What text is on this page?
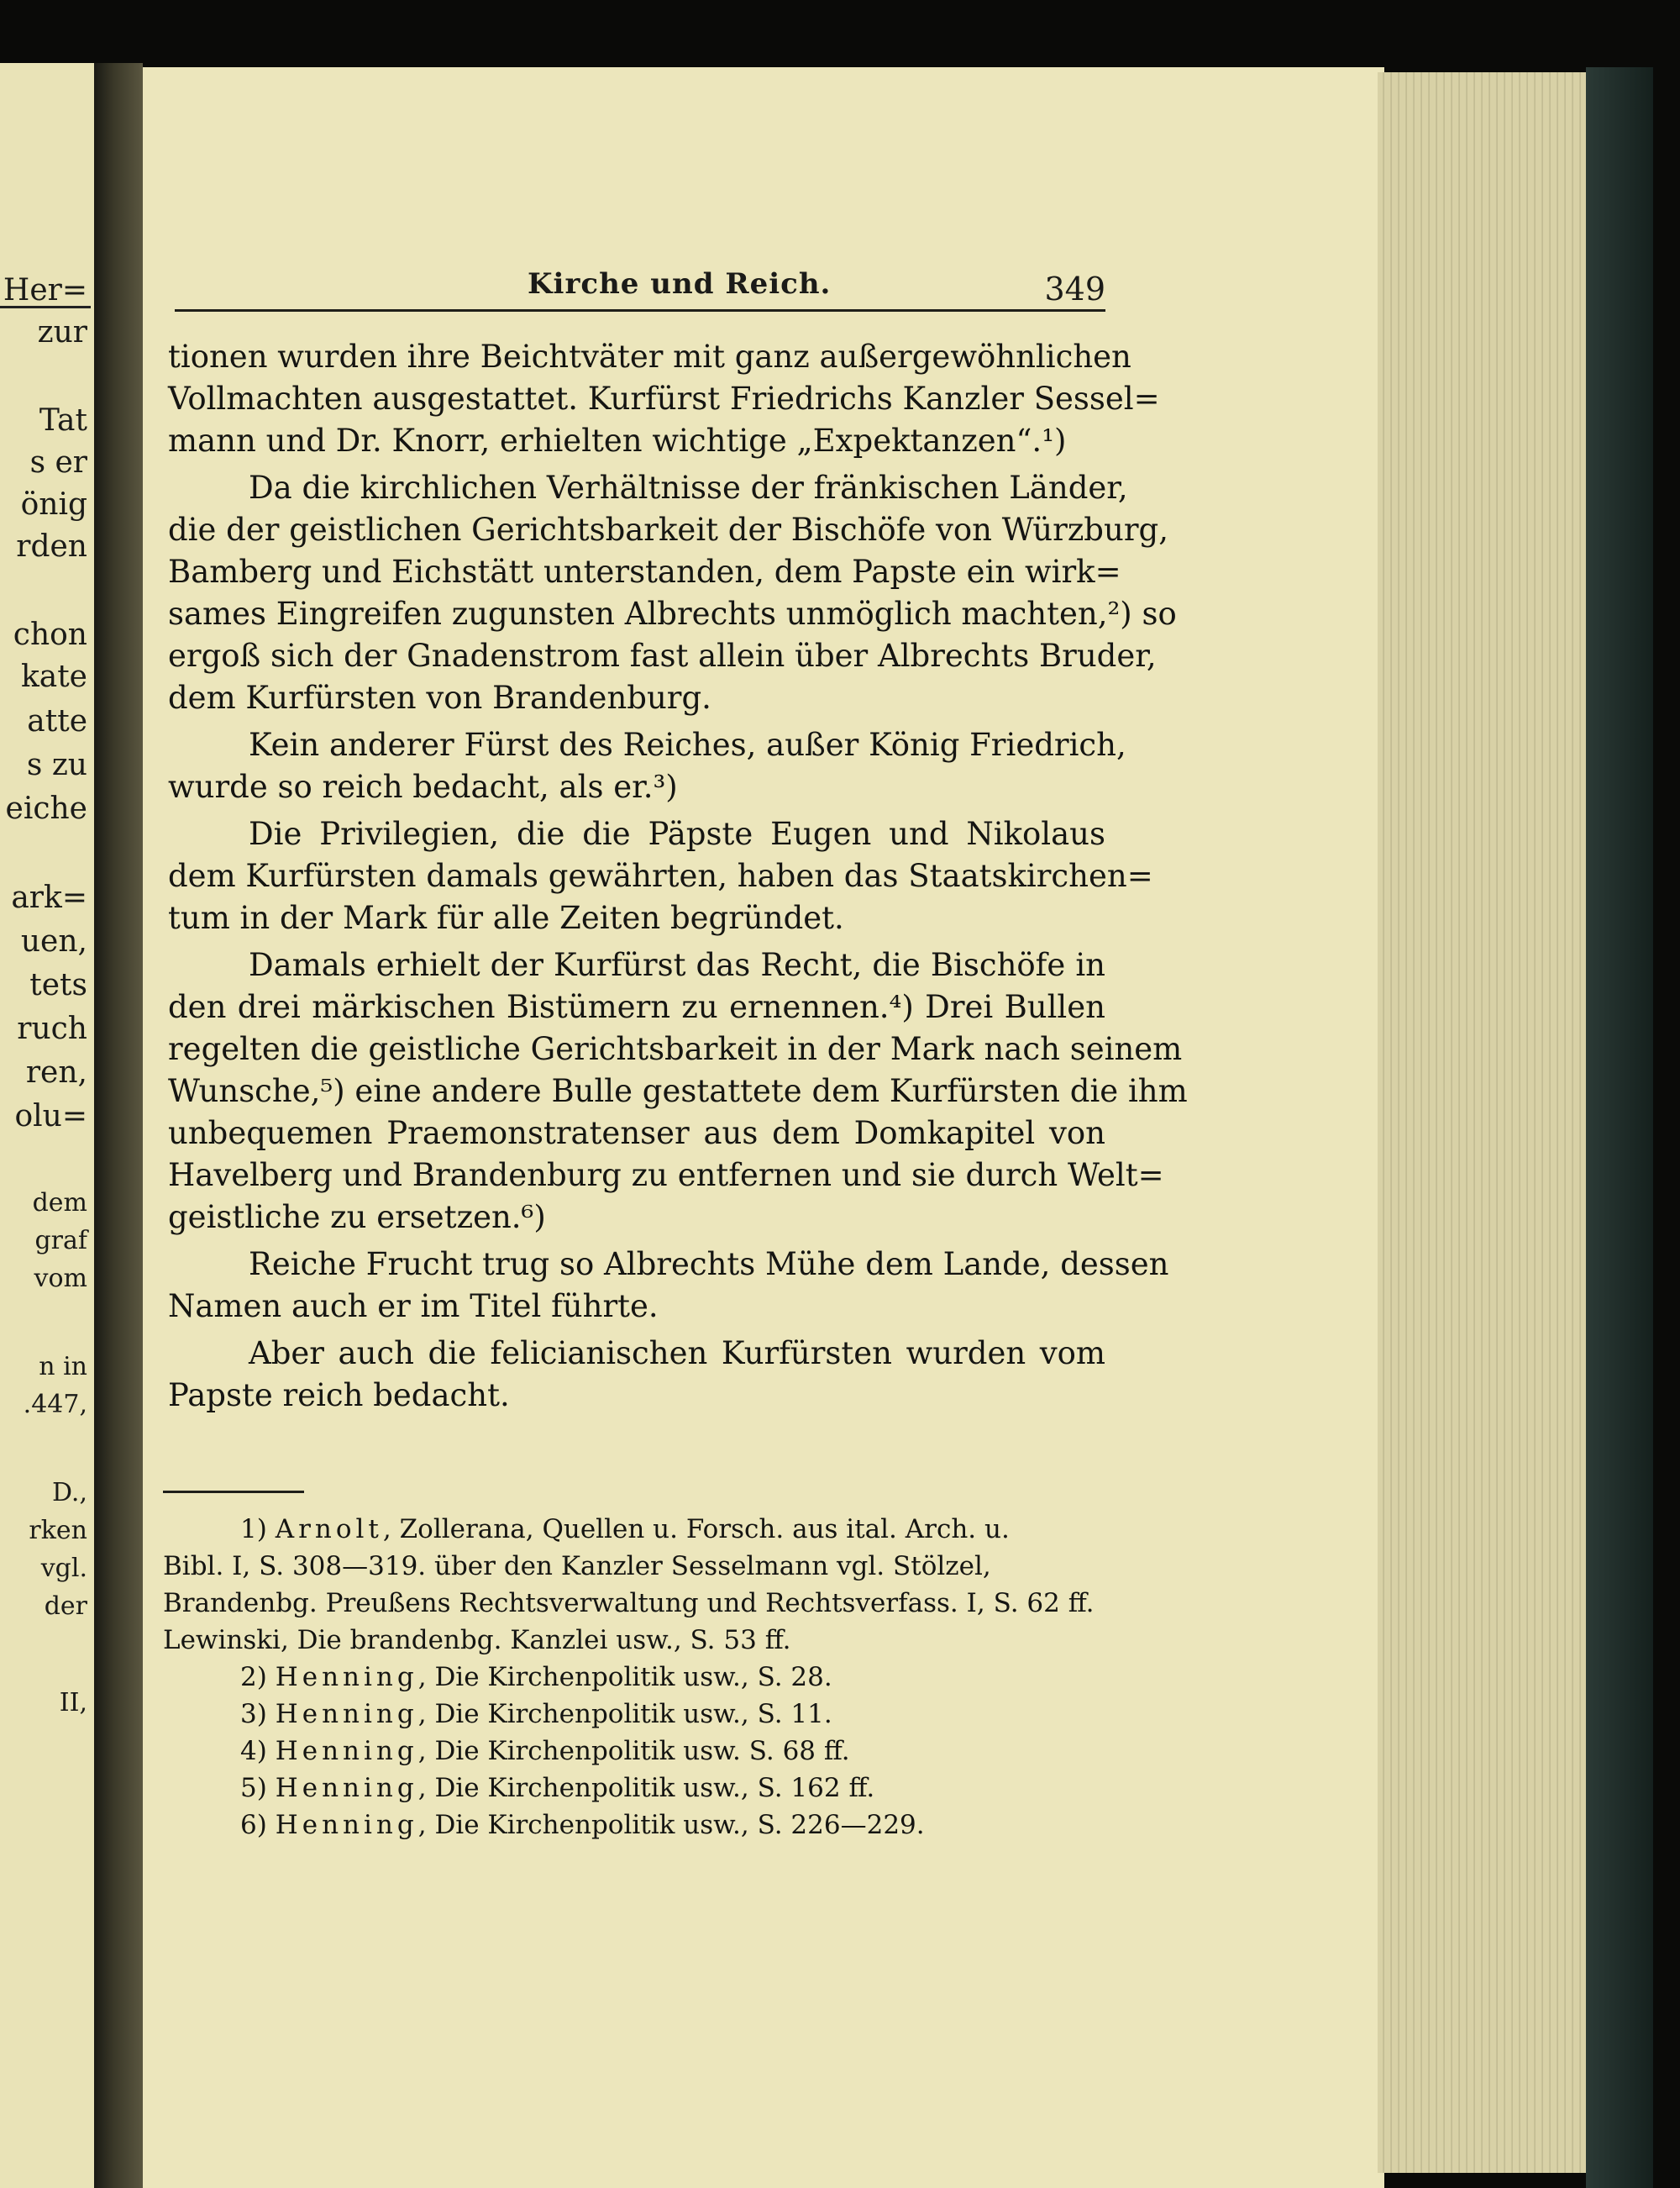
Her=
zur
Tat
s er
önig
rden
chon
kate
atte
s zu
eiche
ark=
uen,
tets
ruch
ren,
olu=
dem
graf
vom
n in
.447,
D.,
rken
vgl.
der
II,
Kirche und Reich.	349
tionen wurden ihre Beichtväter mit ganz außergewöhnlichen
Vollmachten ausgestattet. Kurfürst Friedrichs Kanzler Sessel=
mann und Dr. Knorr, erhielten wichtige „Expektanzen“.¹)
Da die kirchlichen Verhältnisse der fränkischen Länder,
die der geistlichen Gerichtsbarkeit der Bischöfe von Würzburg,
Bamberg und Eichstätt unterstanden, dem Papste ein wirk=
sames Eingreifen zugunsten Albrechts unmöglich machten,²) so
ergoß sich der Gnadenstrom fast allein über Albrechts Bruder,
dem Kurfürsten von Brandenburg.
Kein anderer Fürst des Reiches, außer König Friedrich,
wurde so reich bedacht, als er.³)
Die Privilegien, die die Päpste Eugen und Nikolaus
dem Kurfürsten damals gewährten, haben das Staatskirchen=
tum in der Mark für alle Zeiten begründet.
Damals erhielt der Kurfürst das Recht, die Bischöfe in
den drei märkischen Bistümern zu ernennen.⁴) Drei Bullen
regelten die geistliche Gerichtsbarkeit in der Mark nach seinem
Wunsche,⁵) eine andere Bulle gestattete dem Kurfürsten die ihm
unbequemen Praemonstratenser aus dem Domkapitel von
Havelberg und Brandenburg zu entfernen und sie durch Welt=
geistliche zu ersetzen.⁶)
Reiche Frucht trug so Albrechts Mühe dem Lande, dessen
Namen auch er im Titel führte.
Aber auch die felicianischen Kurfürsten wurden vom
Papste reich bedacht.
1) Arnolt, Zollerana, Quellen u. Forsch. aus ital. Arch. u.
Bibl. I, S. 308—319. über den Kanzler Sesselmann vgl. Stölzel,
Brandenbg. Preußens Rechtsverwaltung und Rechtsverfass. I, S. 62 ff.
Lewinski, Die brandenbg. Kanzlei usw., S. 53 ff.
2) Henning, Die Kirchenpolitik usw., S. 28.
3) Henning, Die Kirchenpolitik usw., S. 11.
4) Henning, Die Kirchenpolitik usw. S. 68 ff.
5) Henning, Die Kirchenpolitik usw., S. 162 ff.
6) Henning, Die Kirchenpolitik usw., S. 226—229.
